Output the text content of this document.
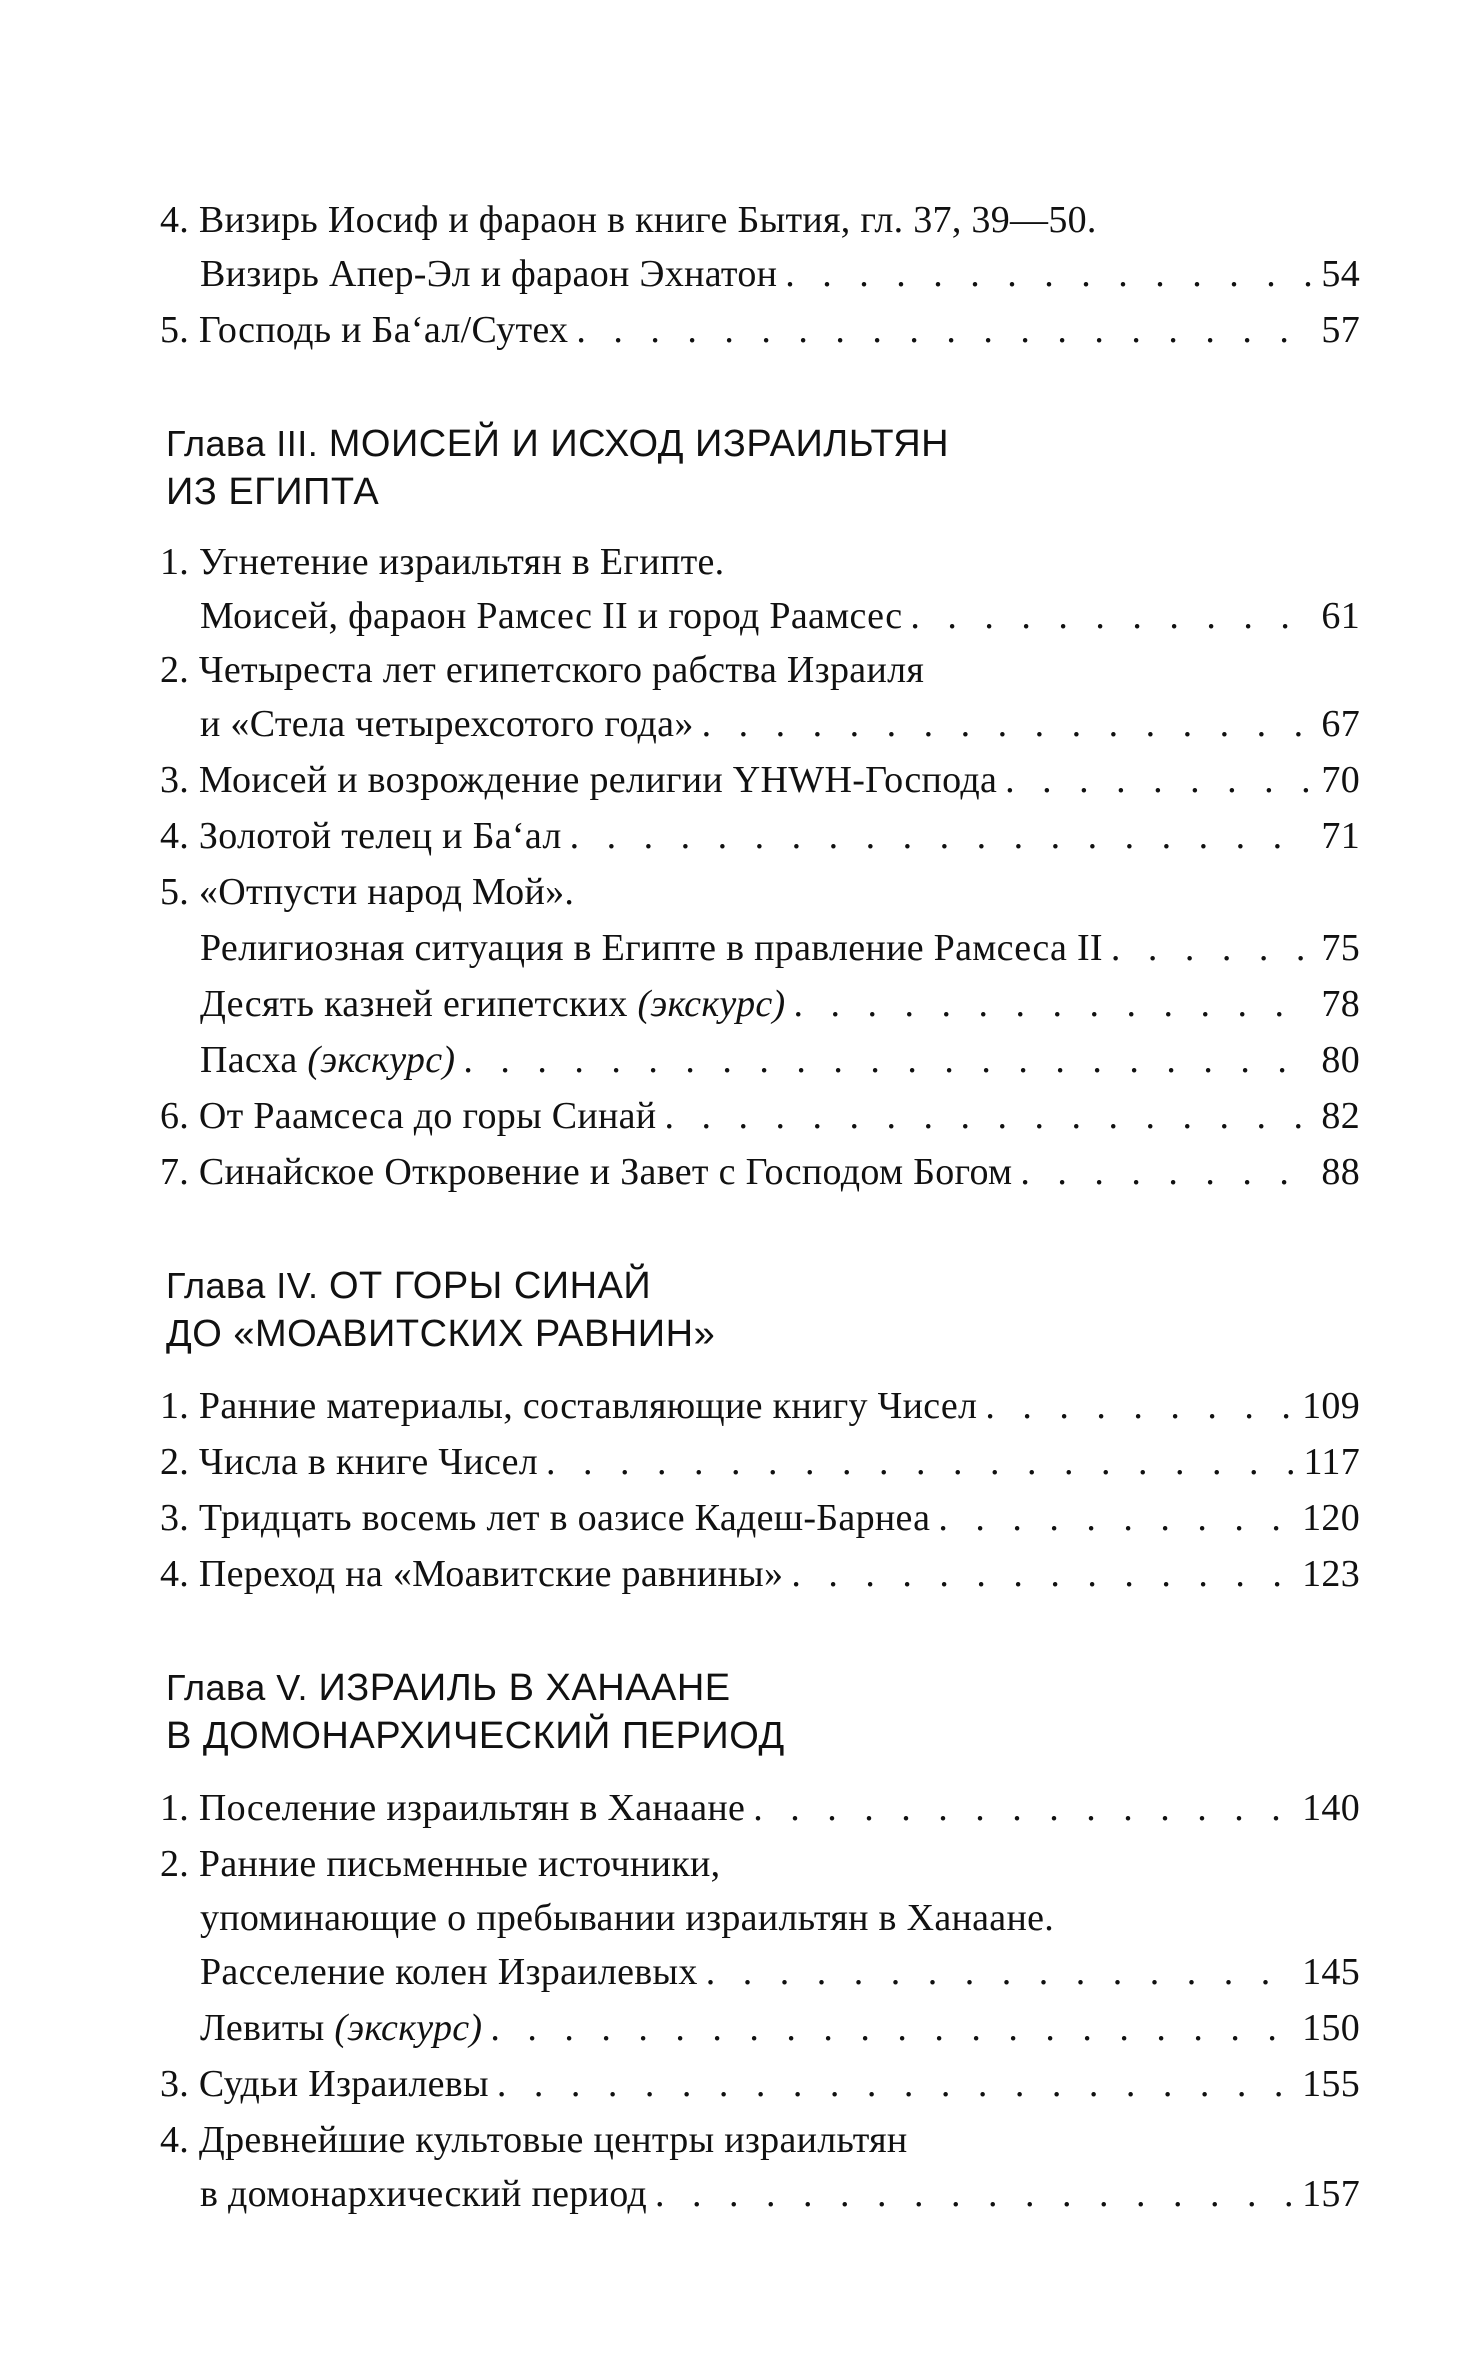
4. Визирь Иосиф и фараон в книге Бытия, гл. 37, 39—50.
Визирь Апер-Эл и фараон Эхнатон . . .	54
5. Господь и Ба‘ал/Сутех . . .	57
Глава III. МОИСЕЙ И ИСХОД ИЗРАИЛЬТЯН
ИЗ ЕГИПТА
1. Угнетение израильтян в Египте.
Моисей, фараон Рамсес II и город Раамсес . . .	61
2. Четыреста лет египетского рабства Израиля
и «Стела четырехсотого года» . . .	67
3. Моисей и возрождение религии YHWH-Господа . . .	70
4. Золотой телец и Ба‘ал . . .	71
5. «Отпусти народ Мой».
Религиозная ситуация в Египте в правление Рамсеса II . . .	75
Десять казней египетских (экскурс) . . .	78
Пасха (экскурс) . . .	80
6. От Раамсеса до горы Синай . . .	82
7. Синайское Откровение и Завет с Господом Богом . . .	88
Глава IV. ОТ ГОРЫ СИНАЙ
ДО «МОАВИТСКИХ РАВНИН»
1. Ранние материалы, составляющие книгу Чисел . . .	109
2. Числа в книге Чисел . . .	117
3. Тридцать восемь лет в оазисе Кадеш-Барнеа . . .	120
4. Переход на «Моавитские равнины» . . .	123
Глава V. ИЗРАИЛЬ В ХАНААНЕ
В ДОМОНАРХИЧЕСКИЙ ПЕРИОД
1. Поселение израильтян в Ханаане . . .	140
2. Ранние письменные источники,
упоминающие о пребывании израильтян в Ханаане.
Расселение колен Израилевых . . .	145
Левиты (экскурс) . . .	150
3. Судьи Израилевы . . .	155
4. Древнейшие культовые центры израильтян
в домонархический период . . .	157
